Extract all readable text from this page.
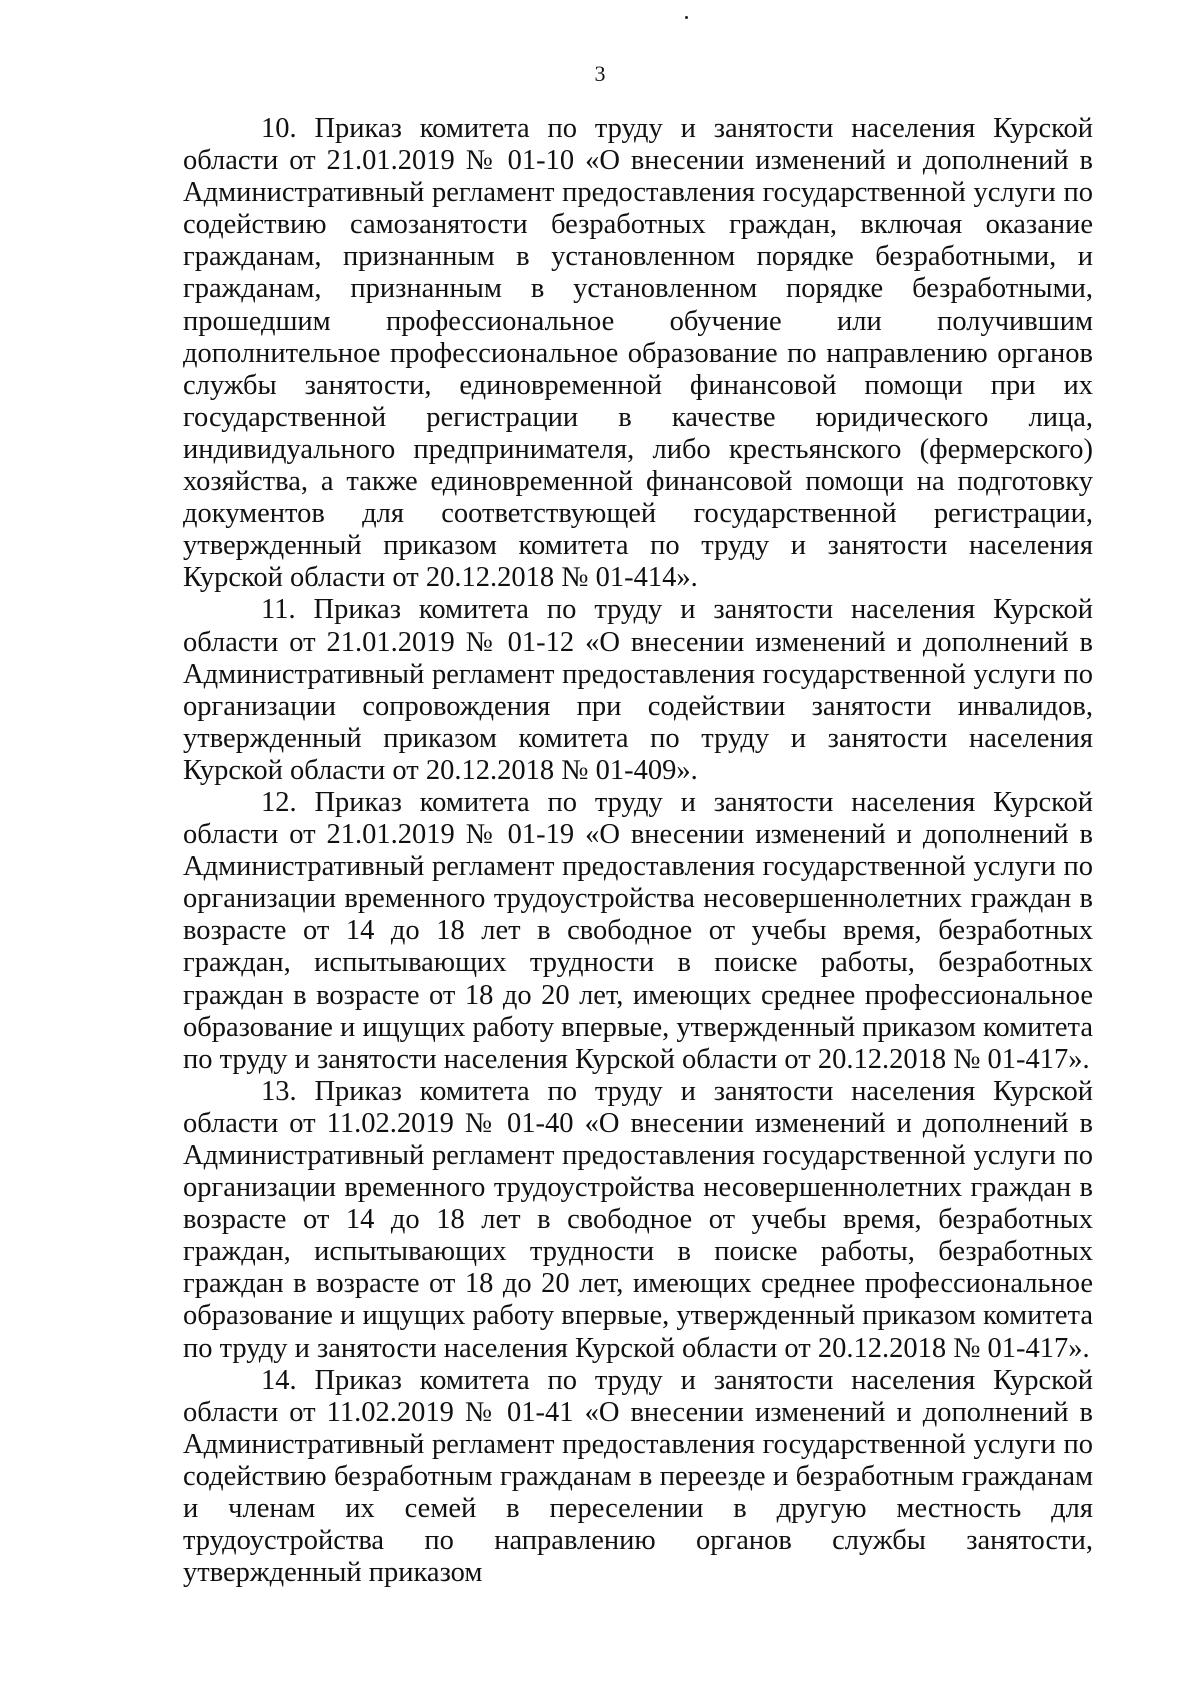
3

10. Приказ комитета по труду и занятости населения Курской области от 21.01.2019 № 01-10 «О внесении изменений и дополнений в Административный регламент предоставления государственной услуги по содействию самозанятости безработных граждан, включая оказание гражданам, признанным в установленном порядке безработными, и гражданам, признанным в установленном порядке безработными, прошедшим профессиональное обучение или получившим дополнительное профессиональное образование по направлению органов службы занятости, единовременной финансовой помощи при их государственной регистрации в качестве юридического лица, индивидуального предпринимателя, либо крестьянского (фермерского) хозяйства, а также единовременной финансовой помощи на подготовку документов для соответствующей государственной регистрации, утвержденный приказом комитета по труду и занятости населения Курской области от 20.12.2018 № 01-414».

11. Приказ комитета по труду и занятости населения Курской области от 21.01.2019 № 01-12 «О внесении изменений и дополнений в Административный регламент предоставления государственной услуги по организации сопровождения при содействии занятости инвалидов, утвержденный приказом комитета по труду и занятости населения Курской области от 20.12.2018 № 01-409».

12. Приказ комитета по труду и занятости населения Курской области от 21.01.2019 № 01-19 «О внесении изменений и дополнений в Административный регламент предоставления государственной услуги по организации временного трудоустройства несовершеннолетних граждан в возрасте от 14 до 18 лет в свободное от учебы время, безработных граждан, испытывающих трудности в поиске работы, безработных граждан в возрасте от 18 до 20 лет, имеющих среднее профессиональное образование и ищущих работу впервые, утвержденный приказом комитета по труду и занятости населения Курской области от 20.12.2018 № 01-417».

13. Приказ комитета по труду и занятости населения Курской области от 11.02.2019 № 01-40 «О внесении изменений и дополнений в Административный регламент предоставления государственной услуги по организации временного трудоустройства несовершеннолетних граждан в возрасте от 14 до 18 лет в свободное от учебы время, безработных граждан, испытывающих трудности в поиске работы, безработных граждан в возрасте от 18 до 20 лет, имеющих среднее профессиональное образование и ищущих работу впервые, утвержденный приказом комитета по труду и занятости населения Курской области от 20.12.2018 № 01-417».

14. Приказ комитета по труду и занятости населения Курской области от 11.02.2019 № 01-41 «О внесении изменений и дополнений в Административный регламент предоставления государственной услуги по содействию безработным гражданам в переезде и безработным гражданам и членам их семей в переселении в другую местность для трудоустройства по направлению органов службы занятости, утвержденный приказом
